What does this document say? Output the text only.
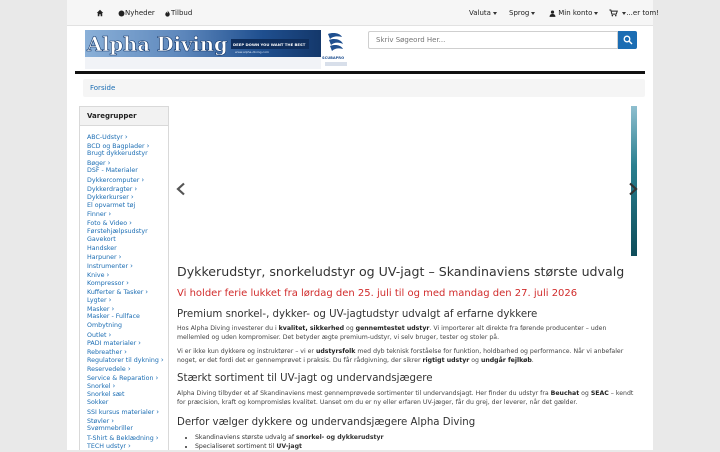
Nyheder	Tilbud	Valuta	Sprog	Min konto	...er tom!
Alpha Diving DEEP DOWN YOU WANT THE BEST
www.alpha-diving.com
SCUBAPRO
Skriv Søgeord Her...
Forside
Varegrupper
ABC-Udstyr ›
BCD og Bagplader ›
Brugt dykkerudstyr
Bøger ›
DSF - Materialer
Dykkercomputer ›
Dykkerdragter ›
Dykkerkurser ›
El opvarmet tøj
Finner ›
Foto & Video ›
Førstehjælpsudstyr
Gavekort
Handsker
Harpuner ›
Instrumenter ›
Knive ›
Kompressor ›
Kufferter & Tasker ›
Lygter ›
Masker ›
Masker - Fullface
Ombytning
Outlet ›
PADI materialer ›
Rebreather ›
Regulatorer til dykning ›
Reservedele ›
Service & Reparation ›
Snorkel ›
Snorkel sæt
Sokker
SSI kursus materialer ›
Støvler ›
Svømmebriller
T-Shirt & Beklædning ›
TECH udstyr ›
Dykkerudstyr, snorkeludstyr og UV-jagt – Skandinaviens største udvalg
Vi holder ferie lukket fra lørdag den 25. juli til og med mandag den 27. juli 2026
Premium snorkel-, dykker- og UV-jagtudstyr udvalgt af erfarne dykkere
Hos Alpha Diving investerer du i kvalitet, sikkerhed og gennemtestet udstyr. Vi importerer alt direkte fra førende producenter – uden mellemled og uden kompromiser. Det betyder ægte premium-udstyr, vi selv bruger, tester og stoler på.
Vi er ikke kun dykkere og instruktører – vi er udstyrsfolk med dyb teknisk forståelse for funktion, holdbarhed og performance. Når vi anbefaler noget, er det fordi det er gennemprøvet i praksis. Du får rådgivning, der sikrer rigtigt udstyr og undgår fejlkøb.
Stærkt sortiment til UV-jagt og undervandsjægere
Alpha Diving tilbyder et af Skandinaviens mest gennemprøvede sortimenter til undervandsjagt. Her finder du udstyr fra Beuchat og SEAC – kendt for præcision, kraft og kompromisløs kvalitet. Uanset om du er ny eller erfaren UV-jæger, får du grej, der leverer, når det gælder.
Derfor vælger dykkere og undervandsjægere Alpha Diving
• Skandinaviens største udvalg af snorkel- og dykkerudstyr
• Specialiseret sortiment til UV-jagt
